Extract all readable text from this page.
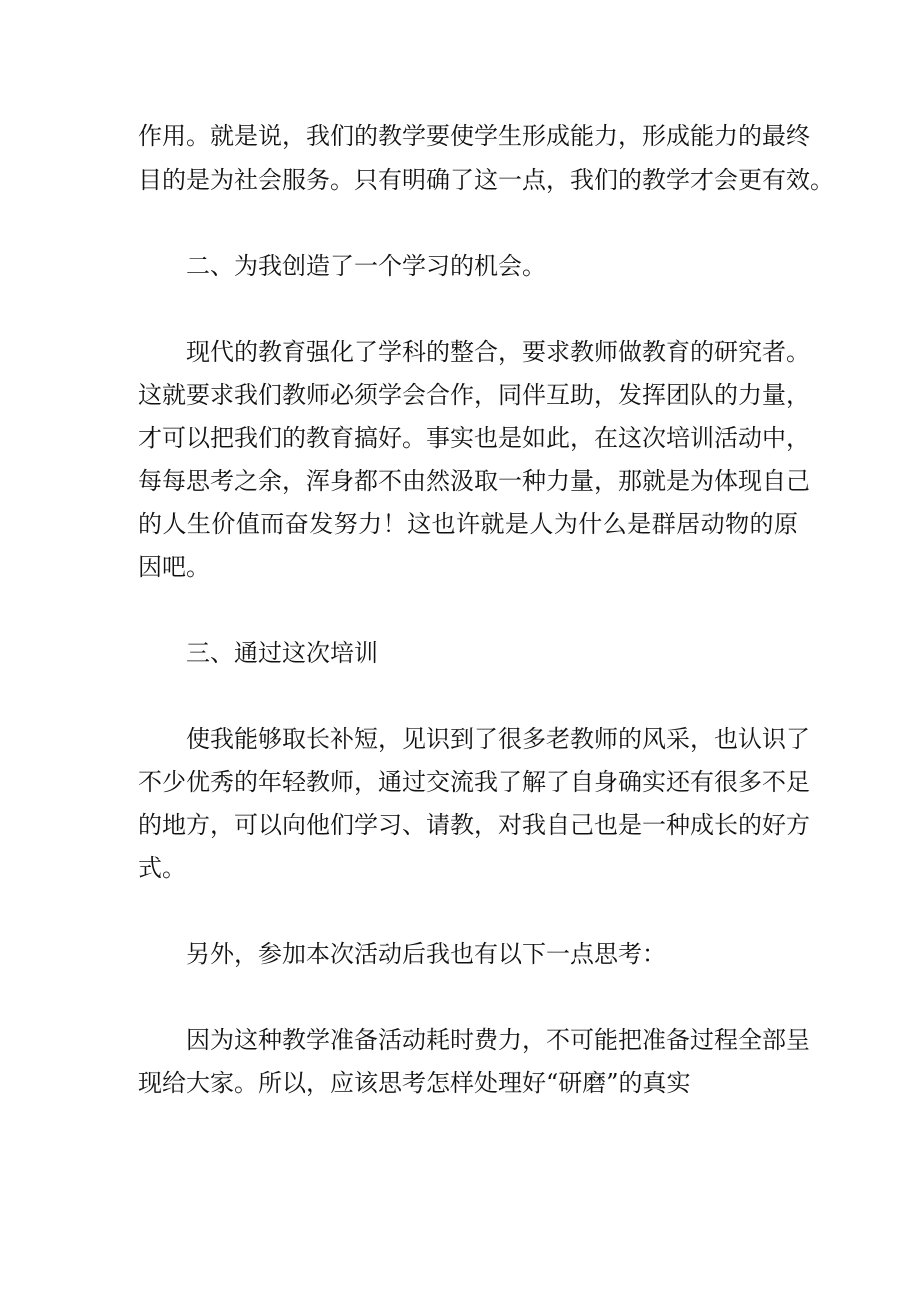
作用。就是说，我们的教学要使学生形成能力，形成能力的最终
目的是为社会服务。只有明确了这一点，我们的教学才会更有效。
二、为我创造了一个学习的机会。
现代的教育强化了学科的整合，要求教师做教育的研究者。
这就要求我们教师必须学会合作，同伴互助，发挥团队的力量，
才可以把我们的教育搞好。事实也是如此，在这次培训活动中，
每每思考之余，浑身都不由然汲取一种力量，那就是为体现自己
的人生价值而奋发努力！这也许就是人为什么是群居动物的原
因吧。
三、通过这次培训
使我能够取长补短，见识到了很多老教师的风采，也认识了
不少优秀的年轻教师，通过交流我了解了自身确实还有很多不足
的地方，可以向他们学习、请教，对我自己也是一种成长的好方
式。
另外，参加本次活动后我也有以下一点思考：
因为这种教学准备活动耗时费力，不可能把准备过程全部呈
现给大家。所以，应该思考怎样处理好“研磨”的真实
